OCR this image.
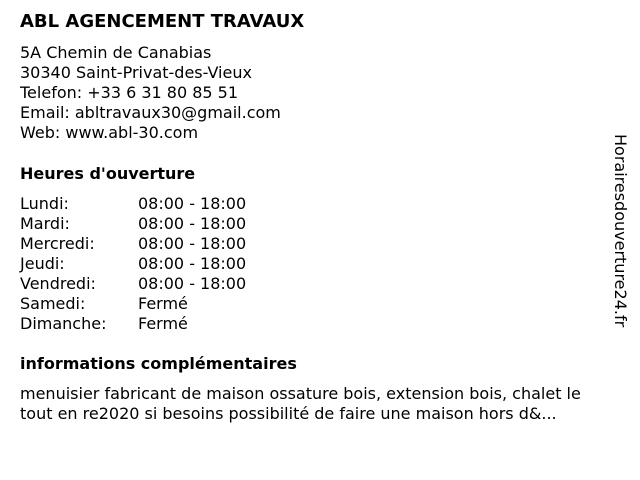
ABL AGENCEMENT TRAVAUX
5A Chemin de Canabias
30340 Saint-Privat-des-Vieux
Telefon: +33 6 31 80 85 51
Email: abltravaux30@gmail.com
Web: www.abl-30.com
Heures d'ouverture
Lundi:	08:00 - 18:00
Mardi:	08:00 - 18:00
Mercredi:	08:00 - 18:00
Jeudi:	08:00 - 18:00
Vendredi:	08:00 - 18:00
Samedi:	Fermé
Dimanche: Fermé
informations complémentaires
menuisier fabricant de maison ossature bois, extension bois, chalet le
tout en re2020 si besoins possibilité de faire une maison hors d&...
Horairesdouverture24.fr
